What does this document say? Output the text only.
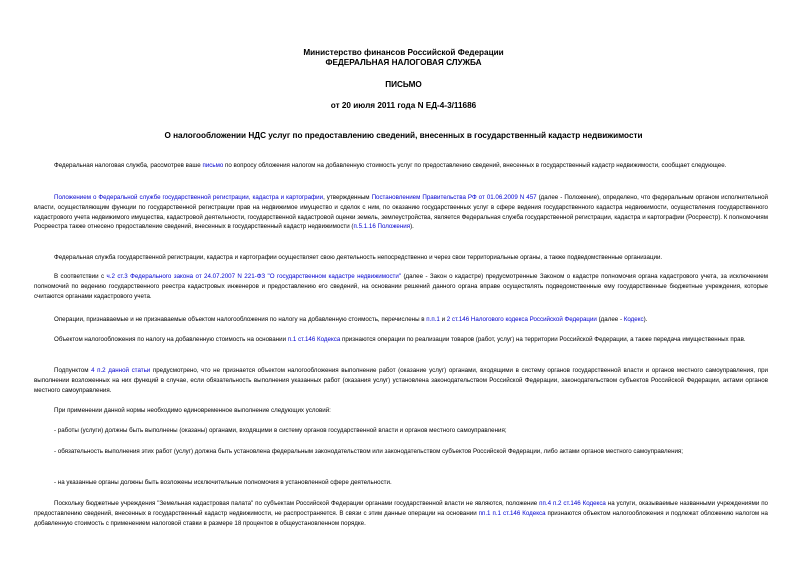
Министерство финансов Российской Федерации

ФЕДЕРАЛЬНАЯ НАЛОГОВАЯ СЛУЖБА

ПИСЬМО

от 20 июля 2011 года N ЕД-4-3/11686

О налогообложении НДС услуг по предоставлению сведений, внесенных в государственный кадастр недвижимости

Федеральная налоговая служба, рассмотрев ваше письмо по вопросу обложения налогом на добавленную стоимость услуг по предоставлению сведений, внесенных в государственный кадастр недвижимости, сообщает следующее.

Положением о Федеральной службе государственной регистрации, кадастра и картографии, утвержденным Постановлением Правительства РФ от 01.06.2009 N 457 (далее - Положение), определено, что федеральным органом исполнительной власти, осуществляющим функции по государственной регистрации прав на недвижимое имущество и сделок с ним, по оказанию государственных услуг в сфере ведения государственного кадастра недвижимости, осуществления государственного кадастрового учета недвижимого имущества, кадастровой деятельности, государственной кадастровой оценки земель, землеустройства, является Федеральная служба государственной регистрации, кадастра и картографии (Росреестр). К полномочиям Росреестра также отнесено предоставление сведений, внесенных в государственный кадастр недвижимости (п.5.1.16 Положения).

Федеральная служба государственной регистрации, кадастра и картографии осуществляет свою деятельность непосредственно и через свои территориальные органы, а также подведомственные организации.

В соответствии с ч.2 ст.3 Федерального закона от 24.07.2007 N 221-ФЗ "О государственном кадастре недвижимости" (далее - Закон о кадастре) предусмотренные Законом о кадастре полномочия органа кадастрового учета, за исключением полномочий по ведению государственного реестра кадастровых инженеров и предоставлению его сведений, на основании решений данного органа вправе осуществлять подведомственные ему государственные бюджетные учреждения, которые считаются органами кадастрового учета.

Операции, признаваемые и не признаваемые объектом налогообложения по налогу на добавленную стоимость, перечислены в п.п.1 и 2 ст.146 Налогового кодекса Российской Федерации (далее - Кодекс).

Объектом налогообложения по налогу на добавленную стоимость на основании п.1 ст.146 Кодекса признаются операции по реализации товаров (работ, услуг) на территории Российской Федерации, а также передача имущественных прав.

Подпунктом 4 п.2 данной статьи предусмотрено, что не признается объектом налогообложения выполнение работ (оказание услуг) органами, входящими в систему органов государственной власти и органов местного самоуправления, при выполнении возложенных на них функций в случае, если обязательность выполнения указанных работ (оказания услуг) установлена законодательством Российской Федерации, законодательством субъектов Российской Федерации, актами органов местного самоуправления.

При применении данной нормы необходимо единовременное выполнение следующих условий:

- работы (услуги) должны быть выполнены (оказаны) органами, входящими в систему органов государственной власти и органов местного самоуправления;

- обязательность выполнения этих работ (услуг) должна быть установлена федеральным законодательством или законодательством субъектов Российской Федерации, либо актами органов местного самоуправления;

- на указанные органы должны быть возложены исключительные полномочия в установленной сфере деятельности.

Поскольку бюджетные учреждения "Земельная кадастровая палата" по субъектам Российской Федерации органами государственной власти не являются, положение пп.4 п.2 ст.146 Кодекса на услуги, оказываемые названными учреждениями по предоставлению сведений, внесенных в государственный кадастр недвижимости, не распространяется. В связи с этим данные операции на основании пп.1 п.1 ст.146 Кодекса признаются объектом налогообложения и подлежат обложению налогом на добавленную стоимость с применением налоговой ставки в размере 18 процентов в общеустановленном порядке.
